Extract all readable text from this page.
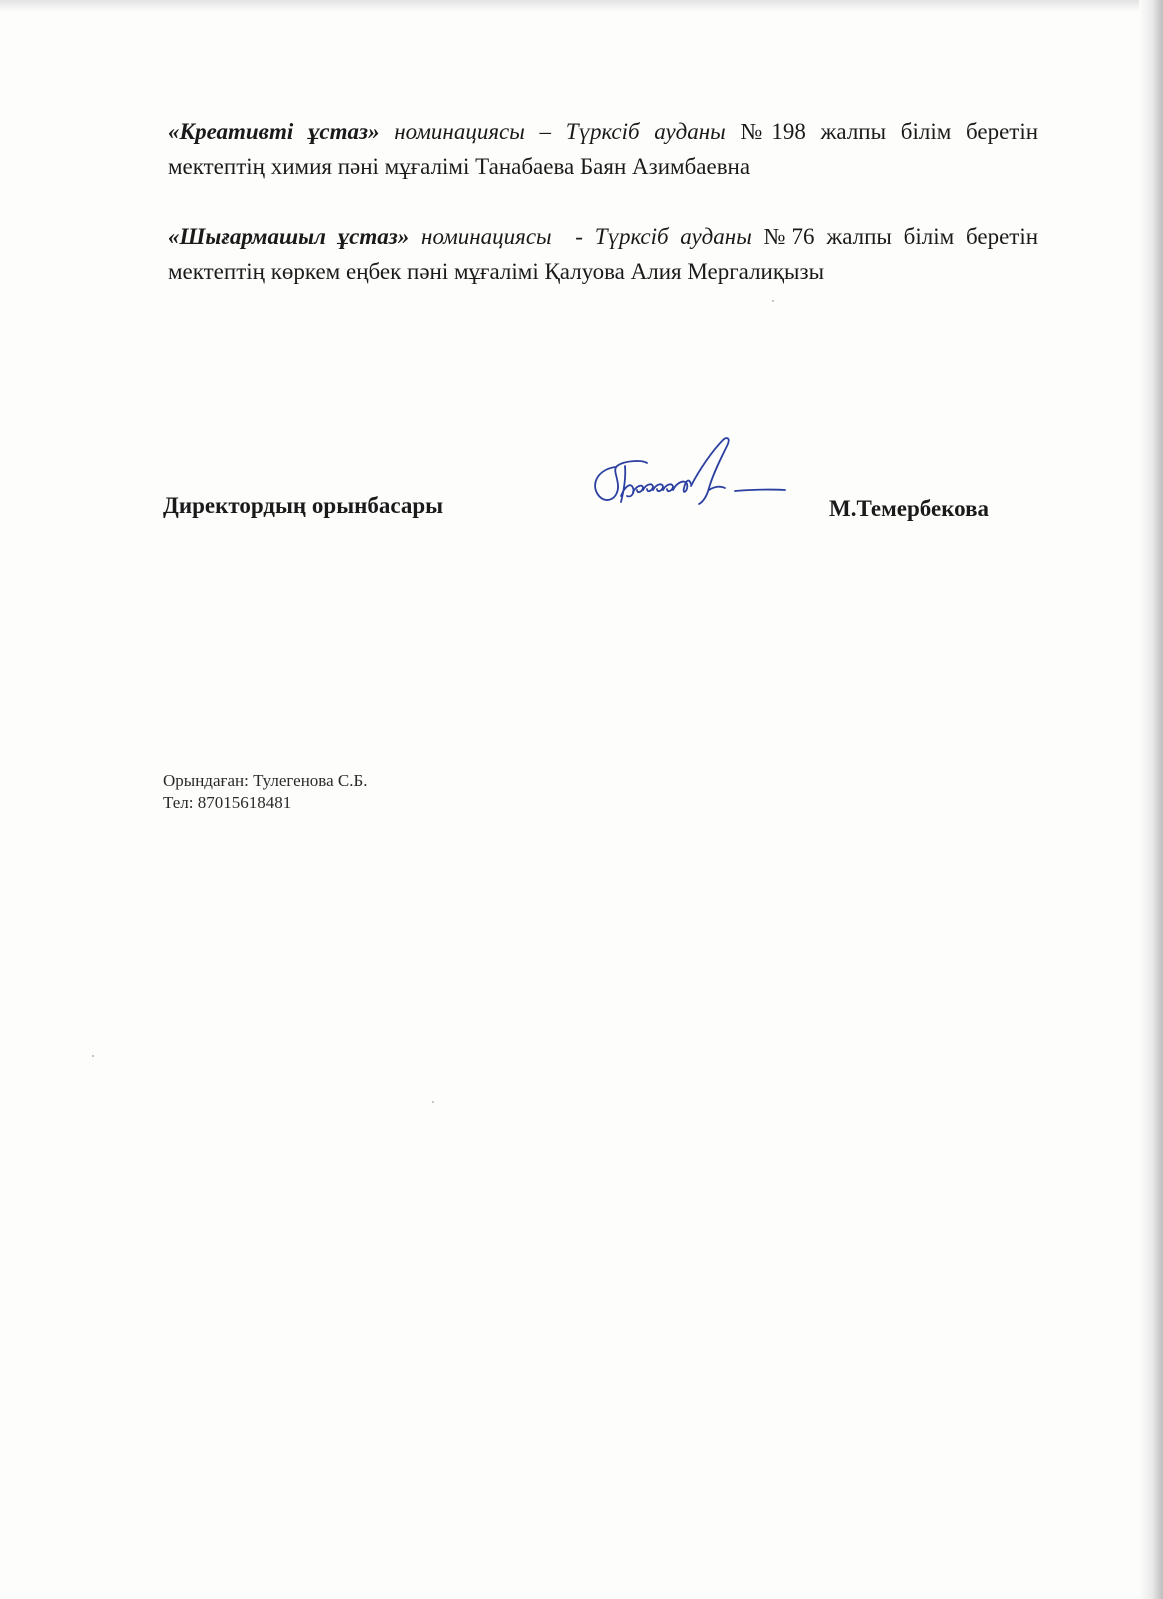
«Креативті ұстаз» номинациясы – Түрксіб ауданы №198 жалпы білім беретін мектептің химия пәні мұғалімі Танабаева Баян Азимбаевна
«Шығармашыл ұстаз» номинациясы - Түрксіб ауданы №76 жалпы білім беретін мектептің көркем еңбек пәні мұғалімі Қалуова Алия Мергалиқызы
Директордың орынбасары	М.Темербекова
Орындаған: Тулегенова С.Б.
Тел: 87015618481
